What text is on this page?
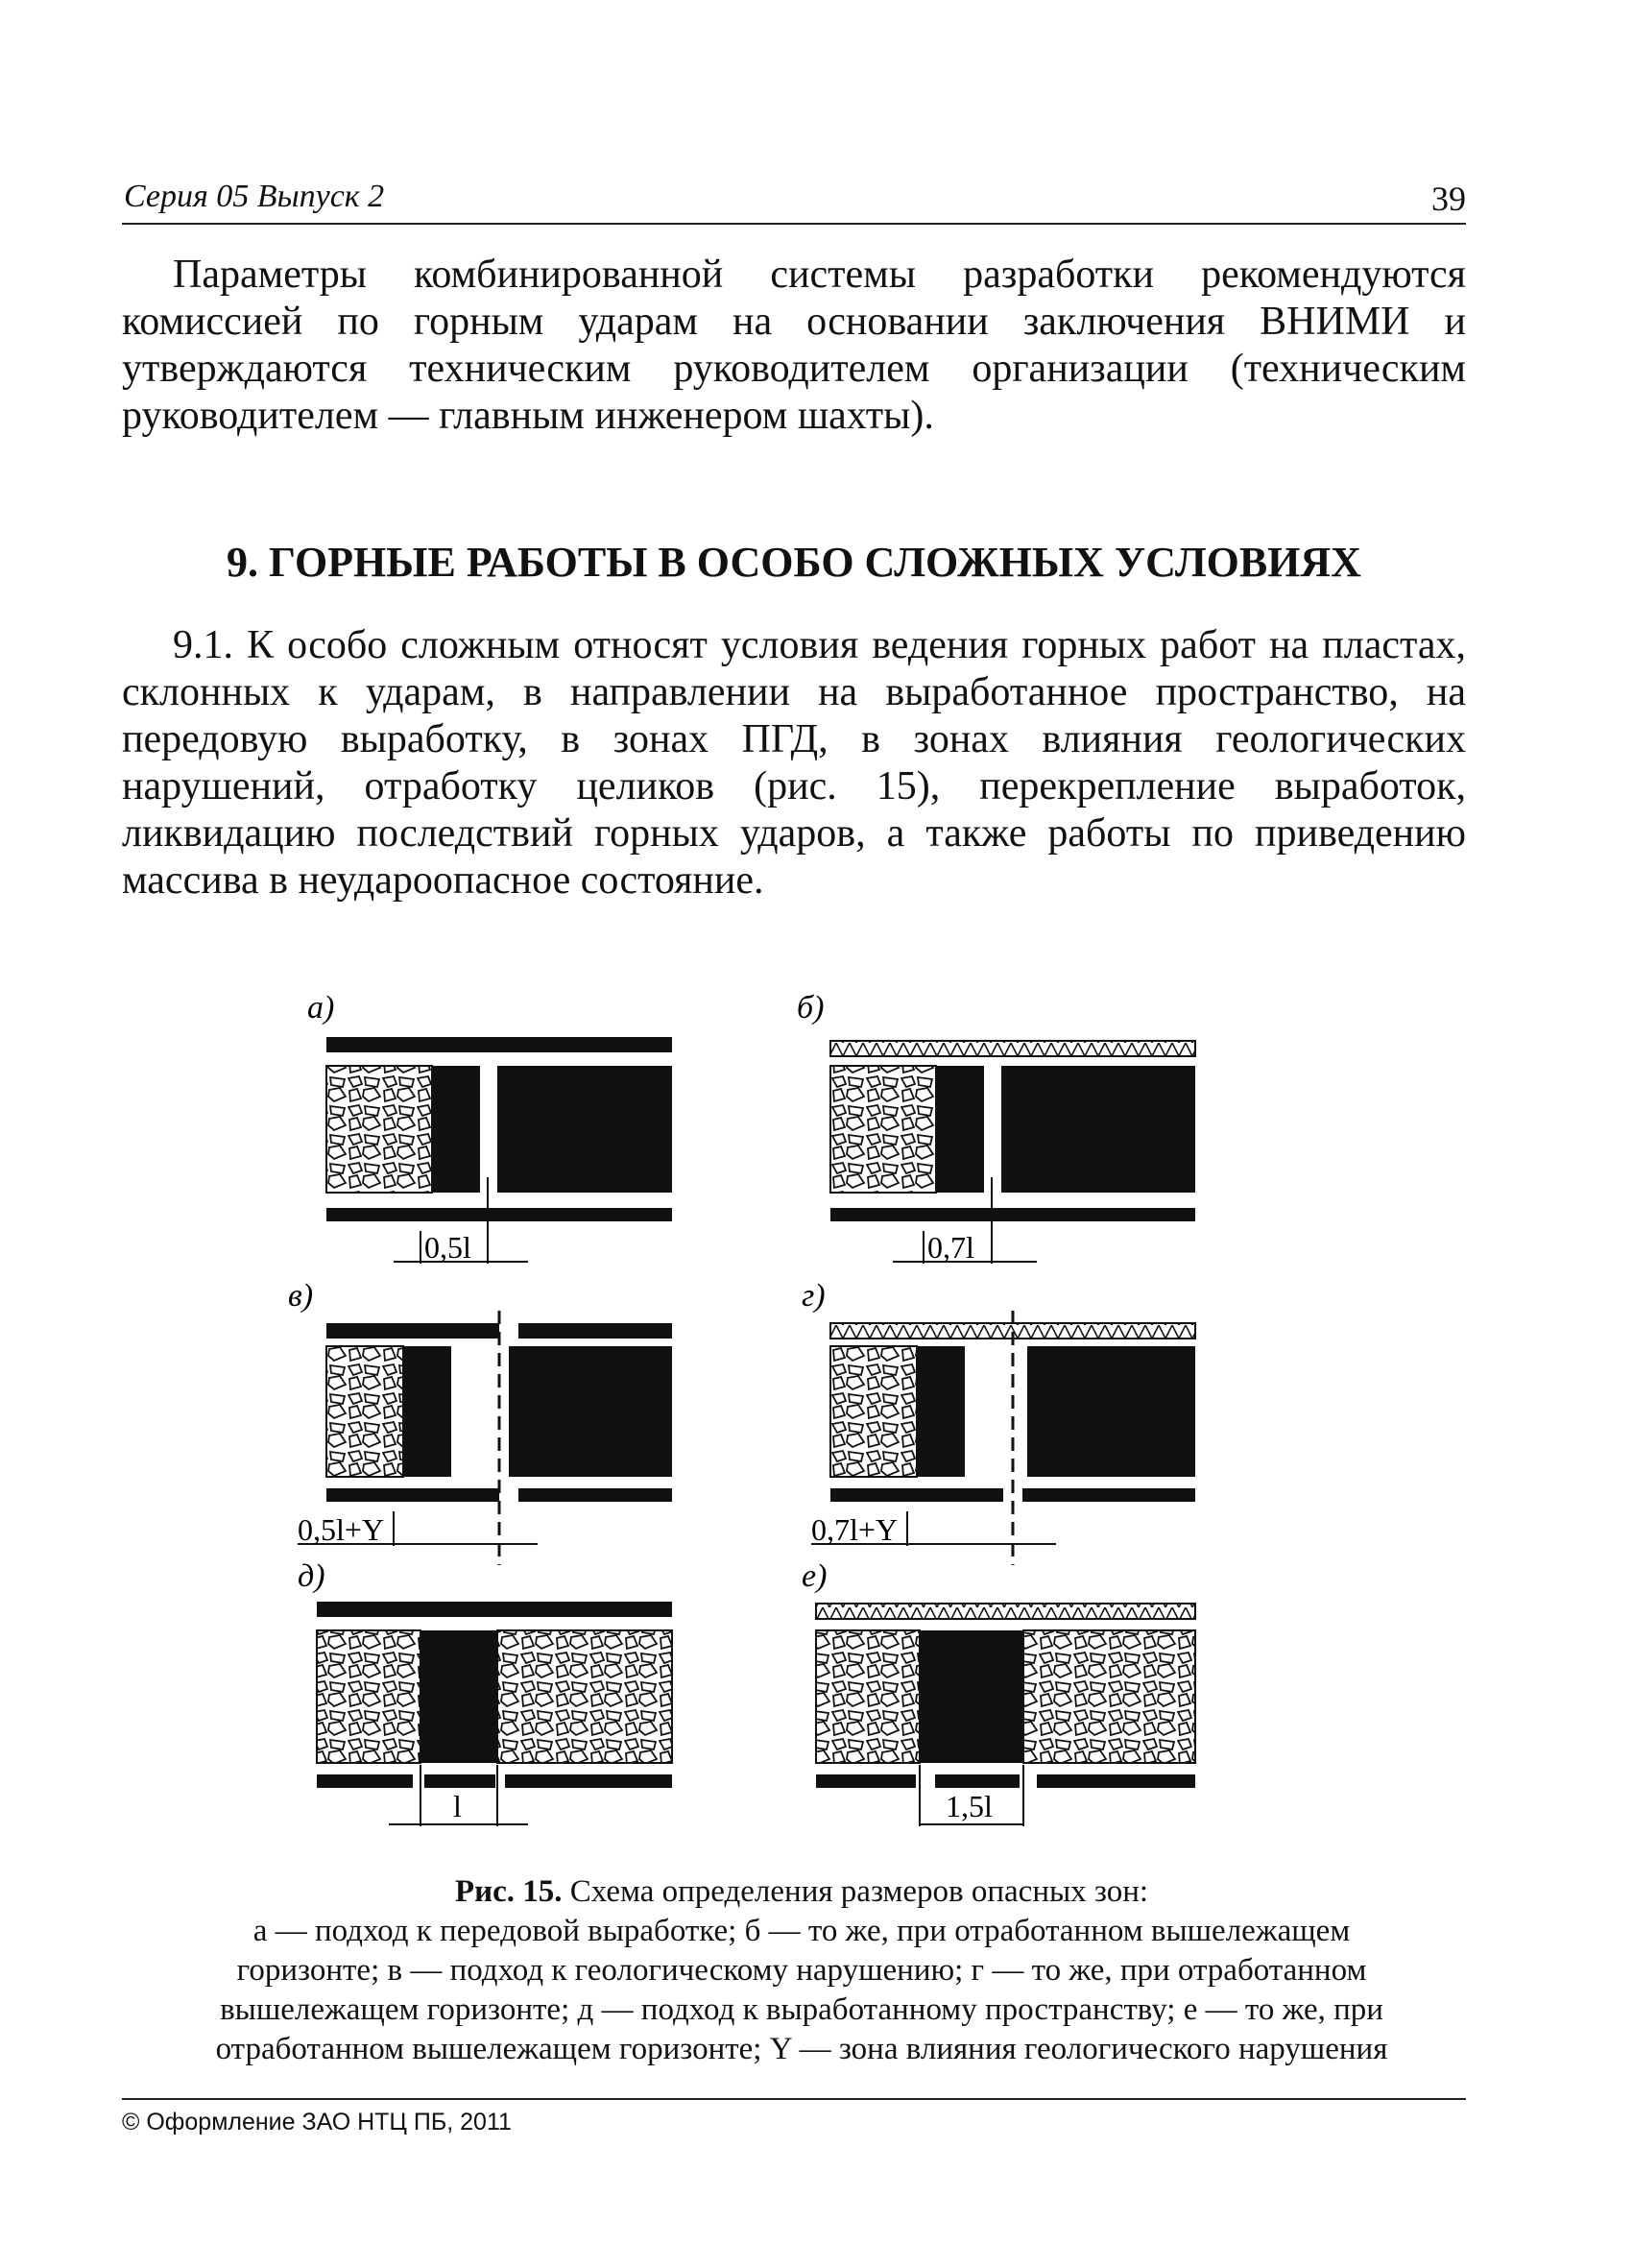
Серия 05 Выпуск 2	39

Параметры комбинированной системы разработки рекомендуются комиссией по горным ударам на основании заключения ВНИМИ и утверждаются техническим руководителем организации (техническим руководителем — главным инженером шахты).

9. ГОРНЫЕ РАБОТЫ В ОСОБО СЛОЖНЫХ УСЛОВИЯХ

9.1. К особо сложным относят условия ведения горных работ на пластах, склонных к ударам, в направлении на выработанное пространство, на передовую выработку, в зонах ПГД, в зонах влияния геологических нарушений, отработку целиков (рис. 15), перекрепление выработок, ликвидацию последствий горных ударов, а также работы по приведению массива в неудароопасное состояние.

а)
0,5l
б)
0,7l
в)
0,5l+Y
г)
0,7l+Y
д)
l
е)
1,5l

Рис. 15. Схема определения размеров опасных зон:
а — подход к передовой выработке; б — то же, при отработанном вышележащем
горизонте; в — подход к геологическому нарушению; г — то же, при отработанном
вышележащем горизонте; д — подход к выработанному пространству; е — то же, при
отработанном вышележащем горизонте; Y — зона влияния геологического нарушения

© Оформление ЗАО НТЦ ПБ, 2011
